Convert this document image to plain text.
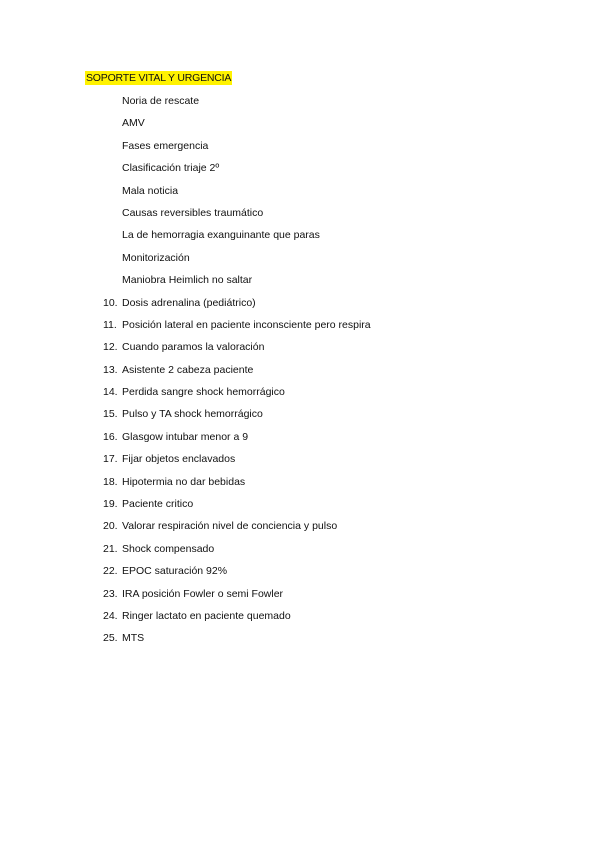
SOPORTE VITAL Y URGENCIA
Noria de rescate
AMV
Fases emergencia
Clasificación triaje 2º
Mala noticia
Causas reversibles traumático
La de hemorragia exanguinante que paras
Monitorización
Maniobra Heimlich no saltar
10. Dosis adrenalina (pediátrico)
11. Posición lateral en paciente inconsciente pero respira
12. Cuando paramos la valoración
13. Asistente 2 cabeza paciente
14. Perdida sangre shock hemorrágico
15. Pulso y TA shock hemorrágico
16. Glasgow intubar menor a 9
17. Fijar objetos enclavados
18. Hipotermia no dar bebidas
19. Paciente critico
20. Valorar respiración nivel de conciencia y pulso
21. Shock compensado
22. EPOC saturación 92%
23. IRA posición Fowler o semi Fowler
24. Ringer lactato en paciente quemado
25. MTS
